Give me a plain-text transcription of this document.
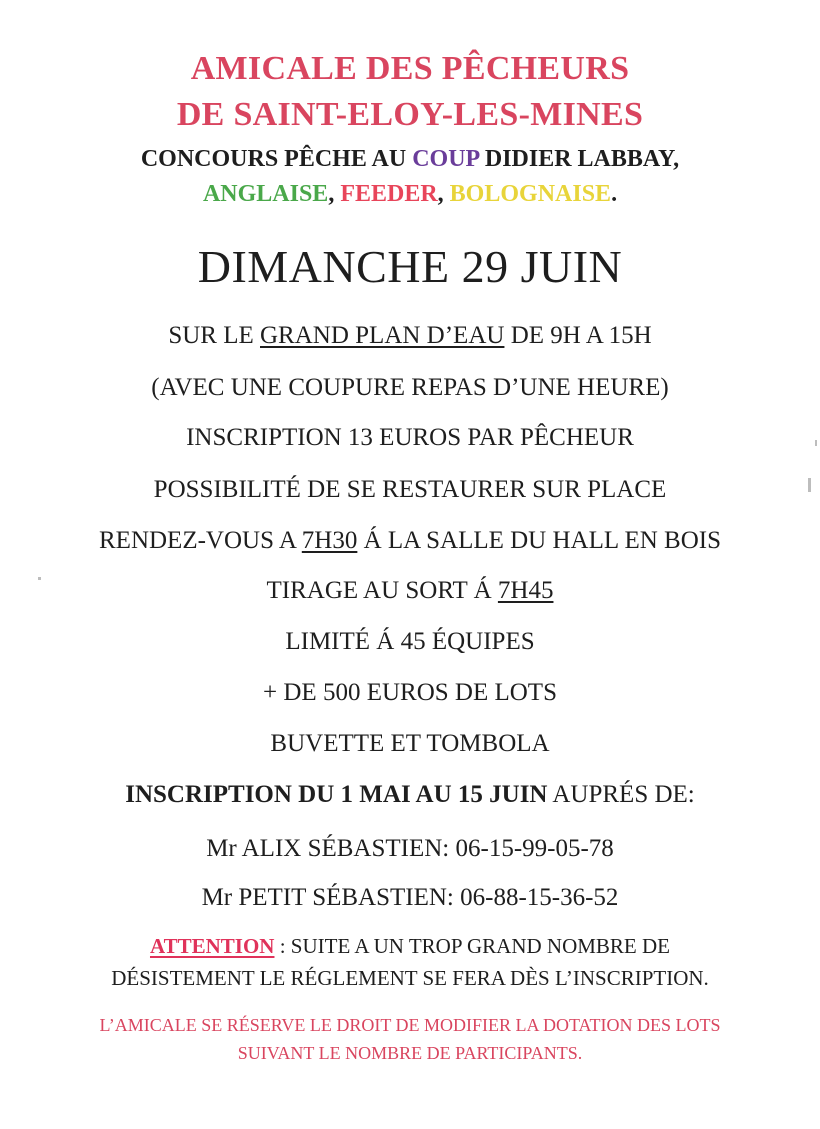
AMICALE DES PÊCHEURS
DE SAINT-ELOY-LES-MINES
CONCOURS PÊCHE AU COUP DIDIER LABBAY,
ANGLAISE, FEEDER, BOLOGNAISE.
DIMANCHE 29 JUIN
SUR LE GRAND PLAN D’EAU DE 9H A 15H
(AVEC UNE COUPURE REPAS D’UNE HEURE)
INSCRIPTION 13 EUROS PAR PÊCHEUR
POSSIBILITÉ DE SE RESTAURER SUR PLACE
RENDEZ-VOUS A 7H30 Á LA SALLE DU HALL EN BOIS
TIRAGE AU SORT Á 7H45
LIMITÉ Á 45 ÉQUIPES
+ DE 500 EUROS DE LOTS
BUVETTE ET TOMBOLA
INSCRIPTION DU 1 MAI AU 15 JUIN AUPRÉS DE:
Mr ALIX SÉBASTIEN: 06-15-99-05-78
Mr PETIT SÉBASTIEN: 06-88-15-36-52
ATTENTION : SUITE A UN TROP GRAND NOMBRE DE
DÉSISTEMENT LE RÉGLEMENT SE FERA DÈS L’INSCRIPTION.
L’AMICALE SE RÉSERVE LE DROIT DE MODIFIER LA DOTATION DES LOTS
SUIVANT LE NOMBRE DE PARTICIPANTS.
